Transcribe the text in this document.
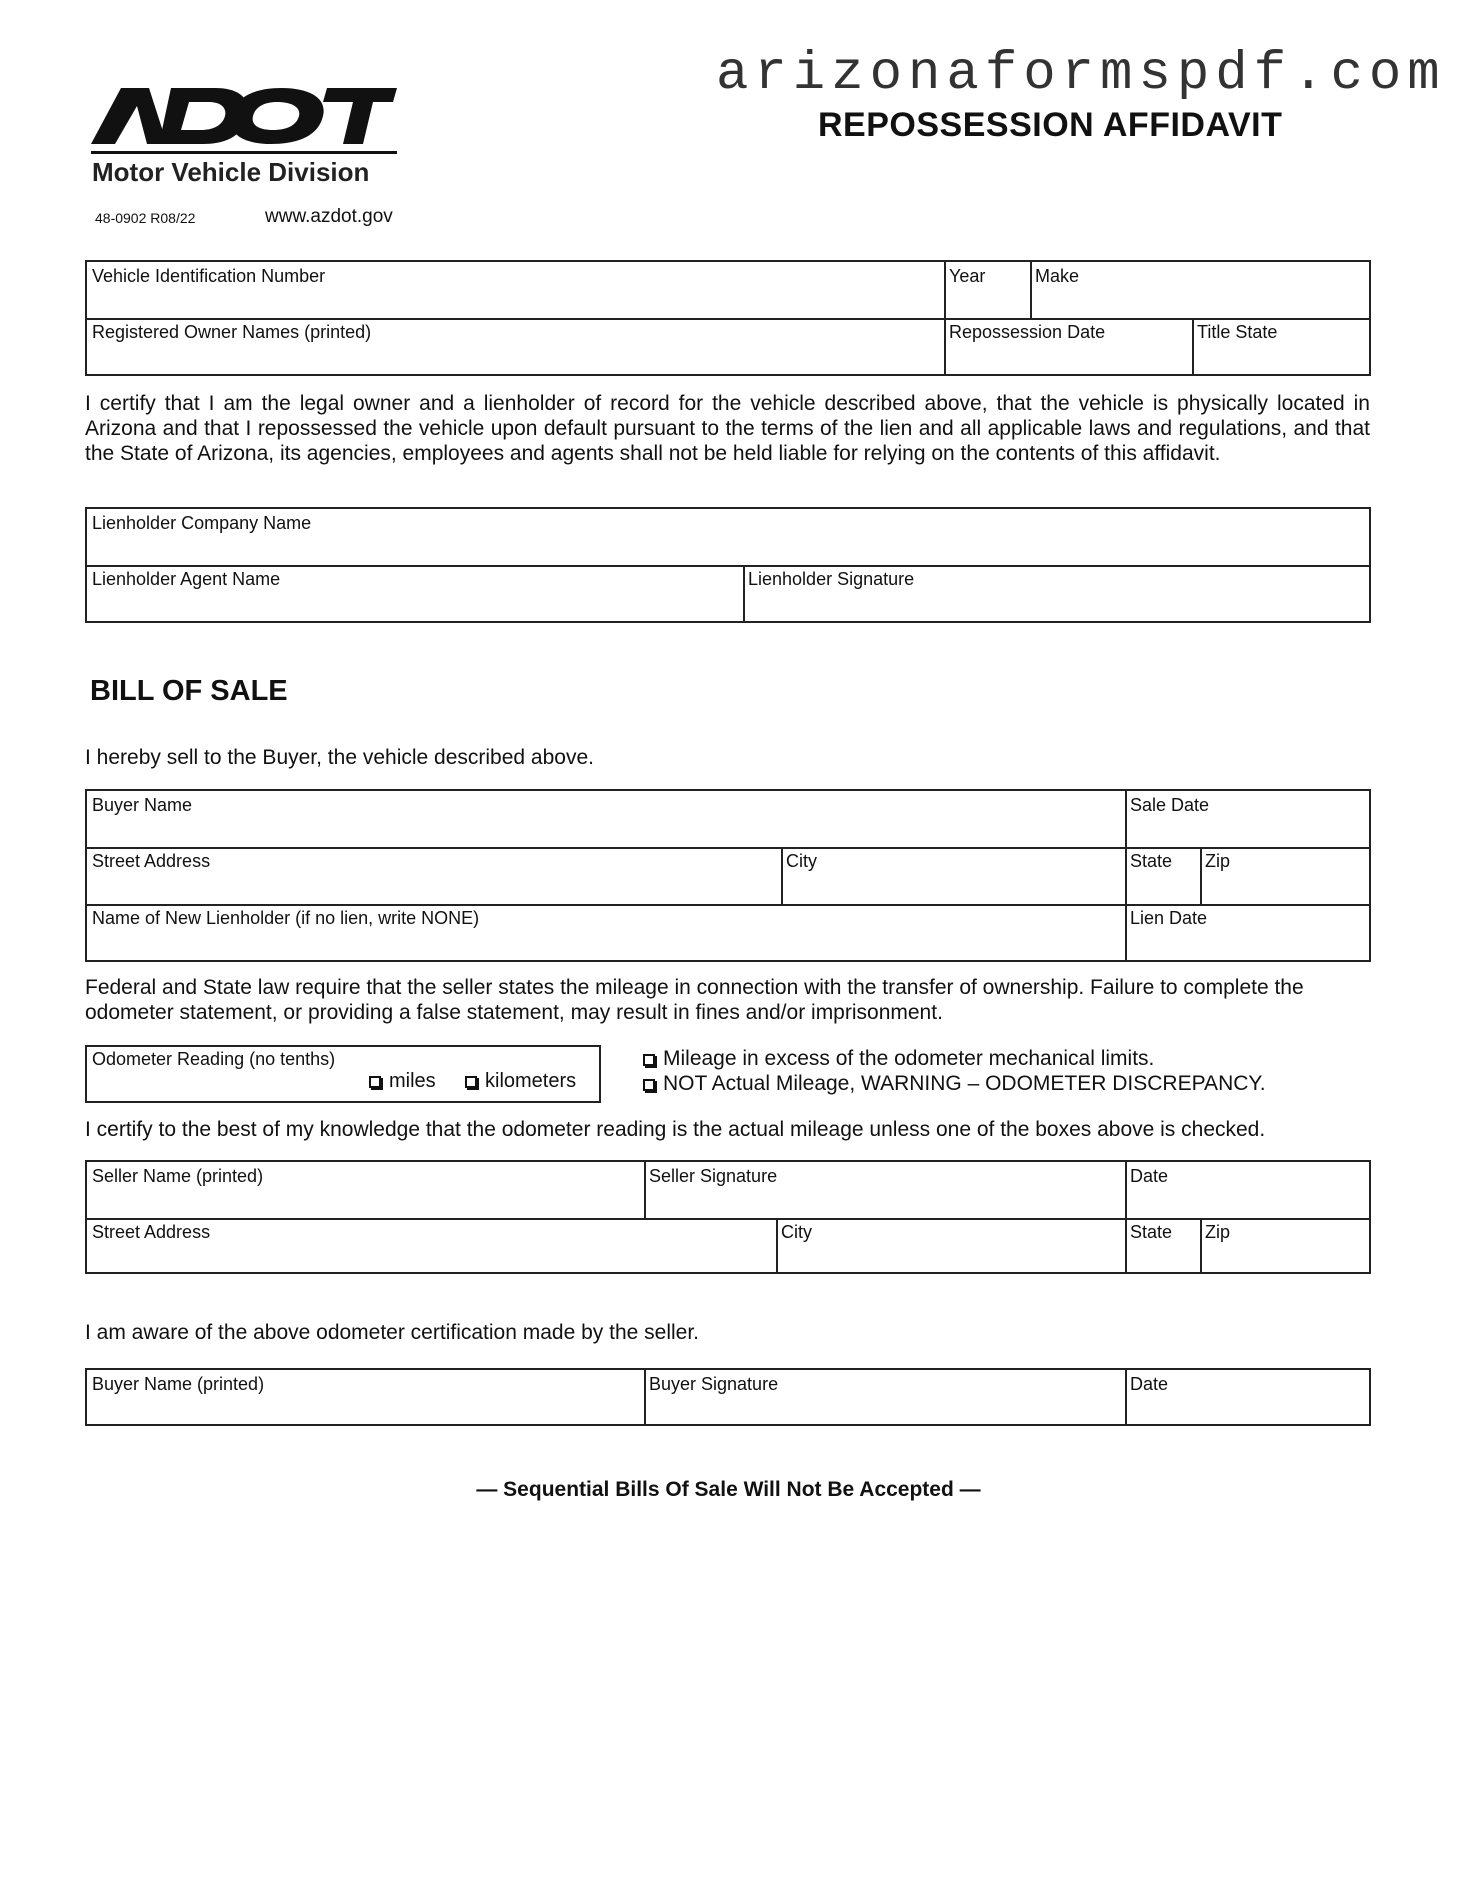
arizonaformspdf.com
REPOSSESSION AFFIDAVIT
Motor Vehicle Division
48-0902 R08/22	www.azdot.gov
Vehicle Identification Number	Year	Make
Registered Owner Names (printed)	Repossession Date	Title State
I certify that I am the legal owner and a lienholder of record for the vehicle described above, that the vehicle is physically located in Arizona and that I repossessed the vehicle upon default pursuant to the terms of the lien and all applicable laws and regulations, and that the State of Arizona, its agencies, employees and agents shall not be held liable for relying on the contents of this affidavit.
Lienholder Company Name
Lienholder Agent Name	Lienholder Signature
BILL OF SALE
I hereby sell to the Buyer, the vehicle described above.
Buyer Name	Sale Date
Street Address	City	State Zip
Name of New Lienholder (if no lien, write NONE)	Lien Date
Federal and State law require that the seller states the mileage in connection with the transfer of ownership. Failure to complete the odometer statement, or providing a false statement, may result in fines and/or imprisonment.
Odometer Reading (no tenths)
miles	kilometers
Mileage in excess of the odometer mechanical limits.
NOT Actual Mileage, WARNING – ODOMETER DISCREPANCY.
I certify to the best of my knowledge that the odometer reading is the actual mileage unless one of the boxes above is checked.
Seller Name (printed)	Seller Signature	Date
Street Address	City	State Zip
I am aware of the above odometer certification made by the seller.
Buyer Name (printed)	Buyer Signature	Date
— Sequential Bills Of Sale Will Not Be Accepted —
